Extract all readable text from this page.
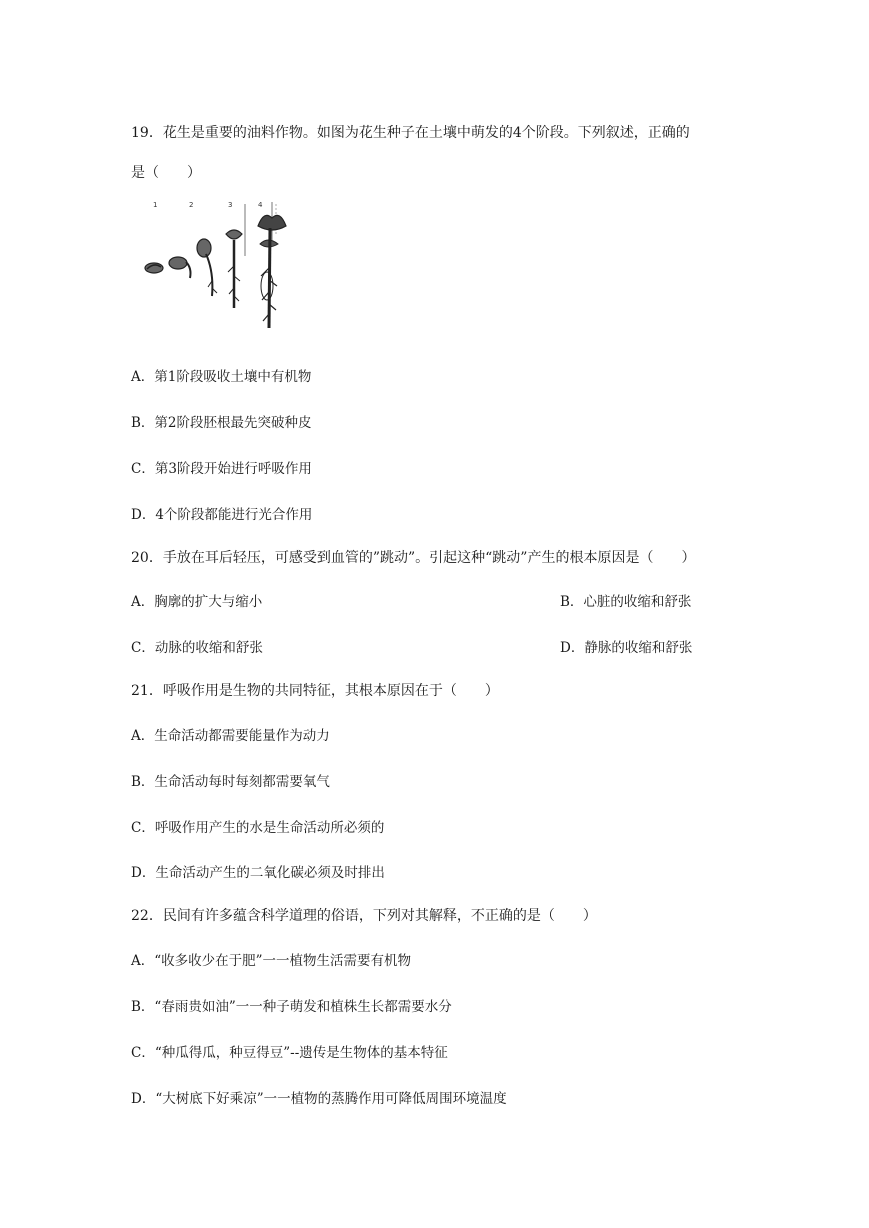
19．花生是重要的油料作物。如图为花生种子在土壤中萌发的4个阶段。下列叙述，正确的
是（　　）
1	2	3	4
A．第1阶段吸收土壤中有机物
B．第2阶段胚根最先突破种皮
C．第3阶段开始进行呼吸作用
D．4个阶段都能进行光合作用
20．手放在耳后轻压，可感受到血管的”跳动”。引起这种“跳动”产生的根本原因是（　　）
A．胸廓的扩大与缩小	B．心脏的收缩和舒张
C．动脉的收缩和舒张	D．静脉的收缩和舒张
21．呼吸作用是生物的共同特征，其根本原因在于（　　）
A．生命活动都需要能量作为动力
B．生命活动每时每刻都需要氧气
C．呼吸作用产生的水是生命活动所必须的
D．生命活动产生的二氧化碳必须及时排出
22．民间有许多蕴含科学道理的俗语，下列对其解释，不正确的是（　　）
A．“收多收少在于肥”一一植物生活需要有机物
B．“春雨贵如油”一一种子萌发和植株生长都需要水分
C．“种瓜得瓜，种豆得豆”--遗传是生物体的基本特征
D．“大树底下好乘凉”一一植物的蒸腾作用可降低周围环境温度
